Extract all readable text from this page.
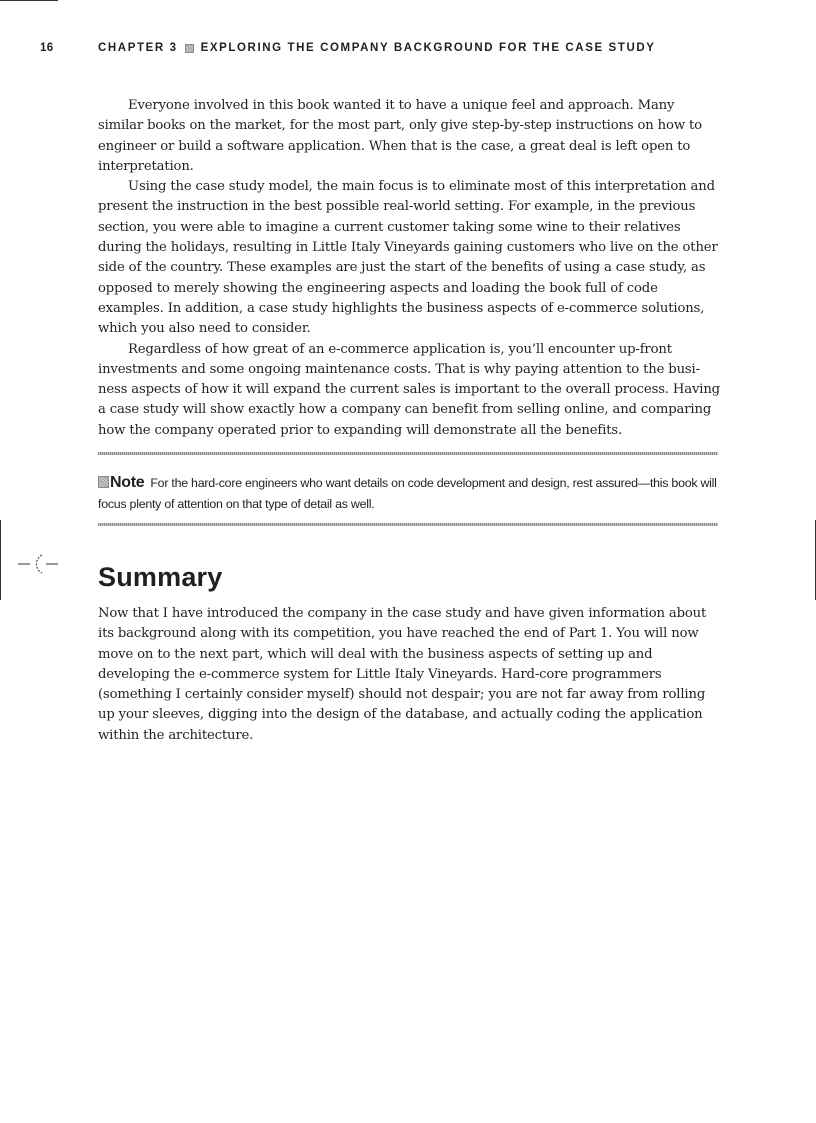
16	CHAPTER 3 EXPLORING THE COMPANY BACKGROUND FOR THE CASE STUDY

Everyone involved in this book wanted it to have a unique feel and approach. Many similar books on the market, for the most part, only give step-by-step instructions on how to engineer or build a software application. When that is the case, a great deal is left open to interpretation.

Using the case study model, the main focus is to eliminate most of this interpretation and present the instruction in the best possible real-world setting. For example, in the previous section, you were able to imagine a current customer taking some wine to their relatives during the holidays, resulting in Little Italy Vineyards gaining customers who live on the other side of the country. These examples are just the start of the benefits of using a case study, as opposed to merely showing the engineering aspects and loading the book full of code examples. In addition, a case study highlights the business aspects of e-commerce solutions, which you also need to consider.

Regardless of how great of an e-commerce application is, you’ll encounter up-front investments and some ongoing maintenance costs. That is why paying attention to the busi- ness aspects of how it will expand the current sales is important to the overall process. Having a case study will show exactly how a company can benefit from selling online, and comparing how the company operated prior to expanding will demonstrate all the benefits.

Note For the hard-core engineers who want details on code development and design, rest assured—this book will focus plenty of attention on that type of detail as well.
Summary

Now that I have introduced the company in the case study and have given information about its background along with its competition, you have reached the end of Part 1. You will now move on to the next part, which will deal with the business aspects of setting up and developing the e-commerce system for Little Italy Vineyards. Hard-core programmers (something I certainly consider myself) should not despair; you are not far away from rolling up your sleeves, digging into the design of the database, and actually coding the application within the architecture.
